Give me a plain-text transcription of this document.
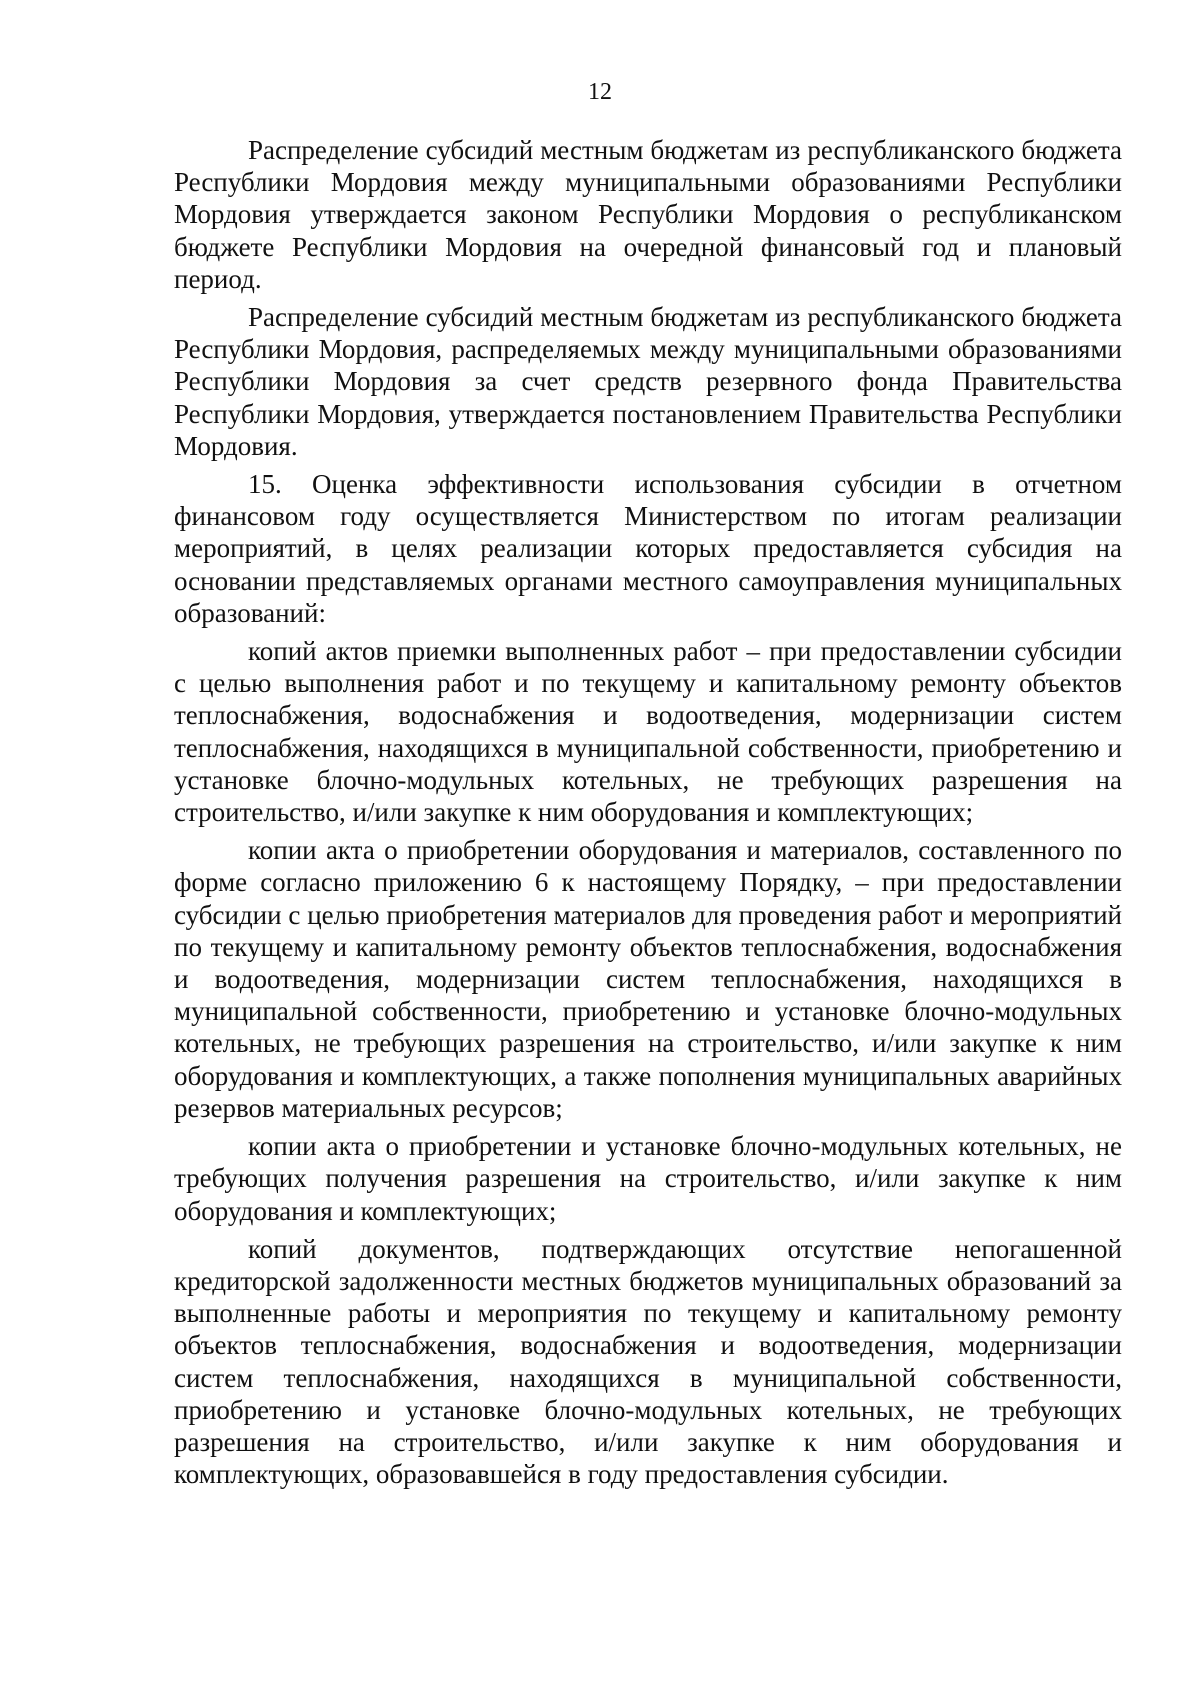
12

Распределение субсидий местным бюджетам из республиканского бюджета Республики Мордовия между муниципальными образованиями Республики Мордовия утверждается законом Республики Мордовия о республиканском бюджете Республики Мордовия на очередной финансовый год и плановый период.

Распределение субсидий местным бюджетам из республиканского бюджета Республики Мордовия, распределяемых между муниципальными образованиями Республики Мордовия за счет средств резервного фонда Правительства Республики Мордовия, утверждается постановлением Правительства Республики Мордовия.

15. Оценка эффективности использования субсидии в отчетном финансовом году осуществляется Министерством по итогам реализации мероприятий, в целях реализации которых предоставляется субсидия на основании представляемых органами местного самоуправления муниципальных образований:

копий актов приемки выполненных работ – при предоставлении субсидии с целью выполнения работ и по текущему и капитальному ремонту объектов теплоснабжения, водоснабжения и водоотведения, модернизации систем теплоснабжения, находящихся в муниципальной собственности, приобретению и установке блочно-модульных котельных, не требующих разрешения на строительство, и/или закупке к ним оборудования и комплектующих;

копии акта о приобретении оборудования и материалов, составленного по форме согласно приложению 6 к настоящему Порядку, – при предоставлении субсидии с целью приобретения материалов для проведения работ и мероприятий по текущему и капитальному ремонту объектов теплоснабжения, водоснабжения и водоотведения, модернизации систем теплоснабжения, находящихся в муниципальной собственности, приобретению и установке блочно-модульных котельных, не требующих разрешения на строительство, и/или закупке к ним оборудования и комплектующих, а также пополнения муниципальных аварийных резервов материальных ресурсов;

копии акта о приобретении и установке блочно-модульных котельных, не требующих получения разрешения на строительство, и/или закупке к ним оборудования и комплектующих;

копий документов, подтверждающих отсутствие непогашенной кредиторской задолженности местных бюджетов муниципальных образований за выполненные работы и мероприятия по текущему и капитальному ремонту объектов теплоснабжения, водоснабжения и водоотведения, модернизации систем теплоснабжения, находящихся в муниципальной собственности, приобретению и установке блочно-модульных котельных, не требующих разрешения на строительство, и/или закупке к ним оборудования и комплектующих, образовавшейся в году предоставления субсидии.
